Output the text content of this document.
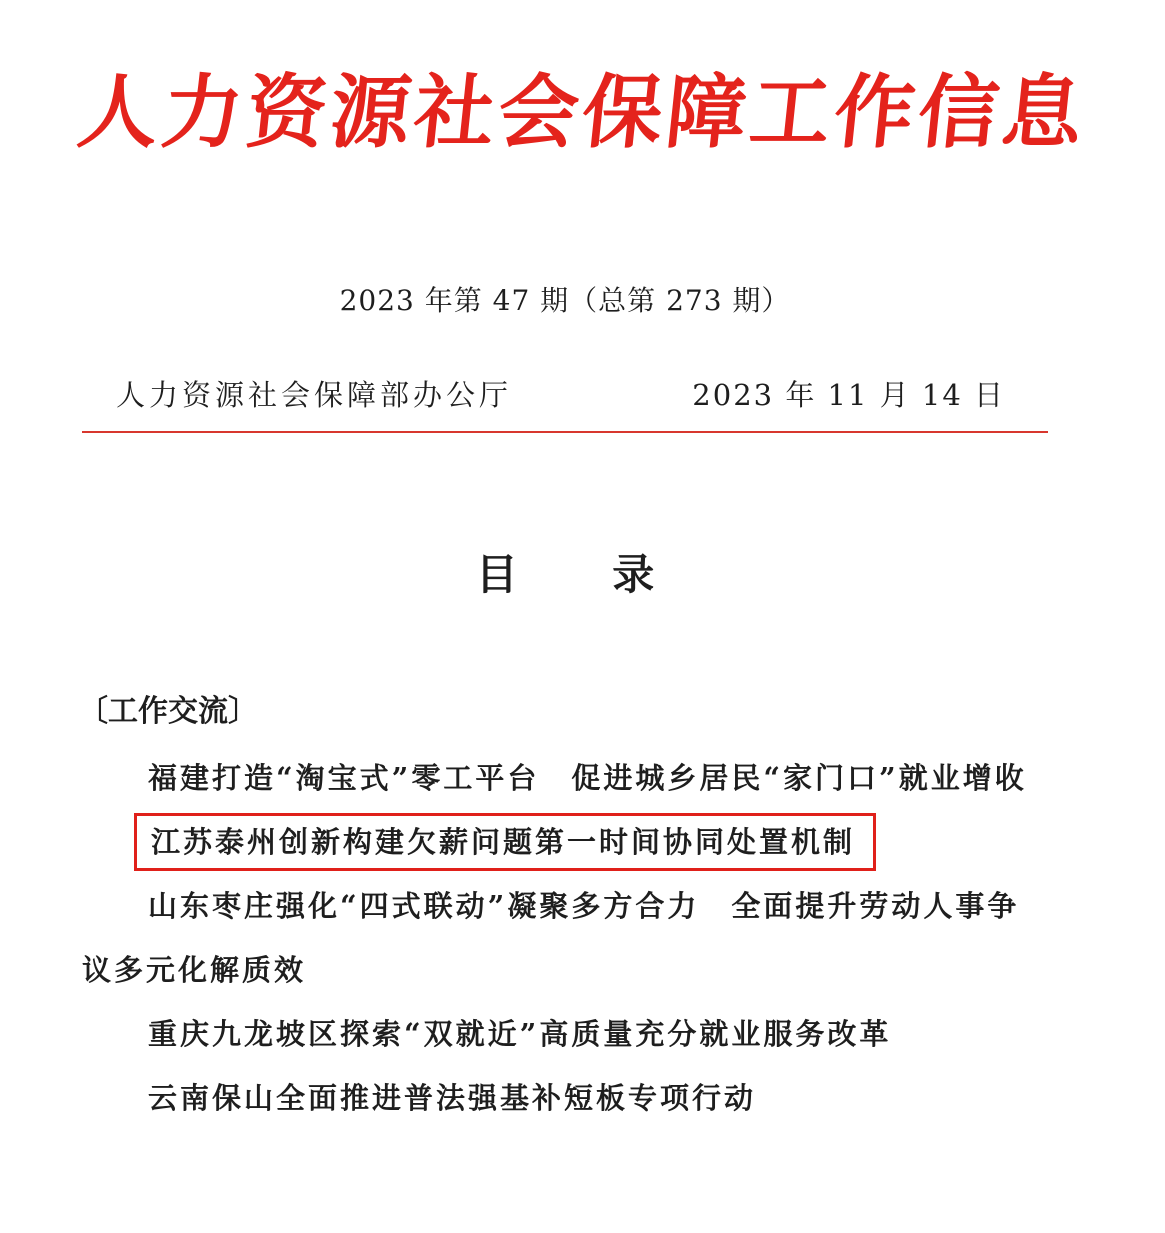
人力资源社会保障工作信息
2023 年第 47 期（总第 273 期）
人力资源社会保障部办公厅	2023 年 11 月 14 日
目 录
〔工作交流〕
福建打造“淘宝式”零工平台　促进城乡居民“家门口”就业增收
江苏泰州创新构建欠薪问题第一时间协同处置机制
山东枣庄强化“四式联动”凝聚多方合力　全面提升劳动人事争议多元化解质效
重庆九龙坡区探索“双就近”高质量充分就业服务改革
云南保山全面推进普法强基补短板专项行动
